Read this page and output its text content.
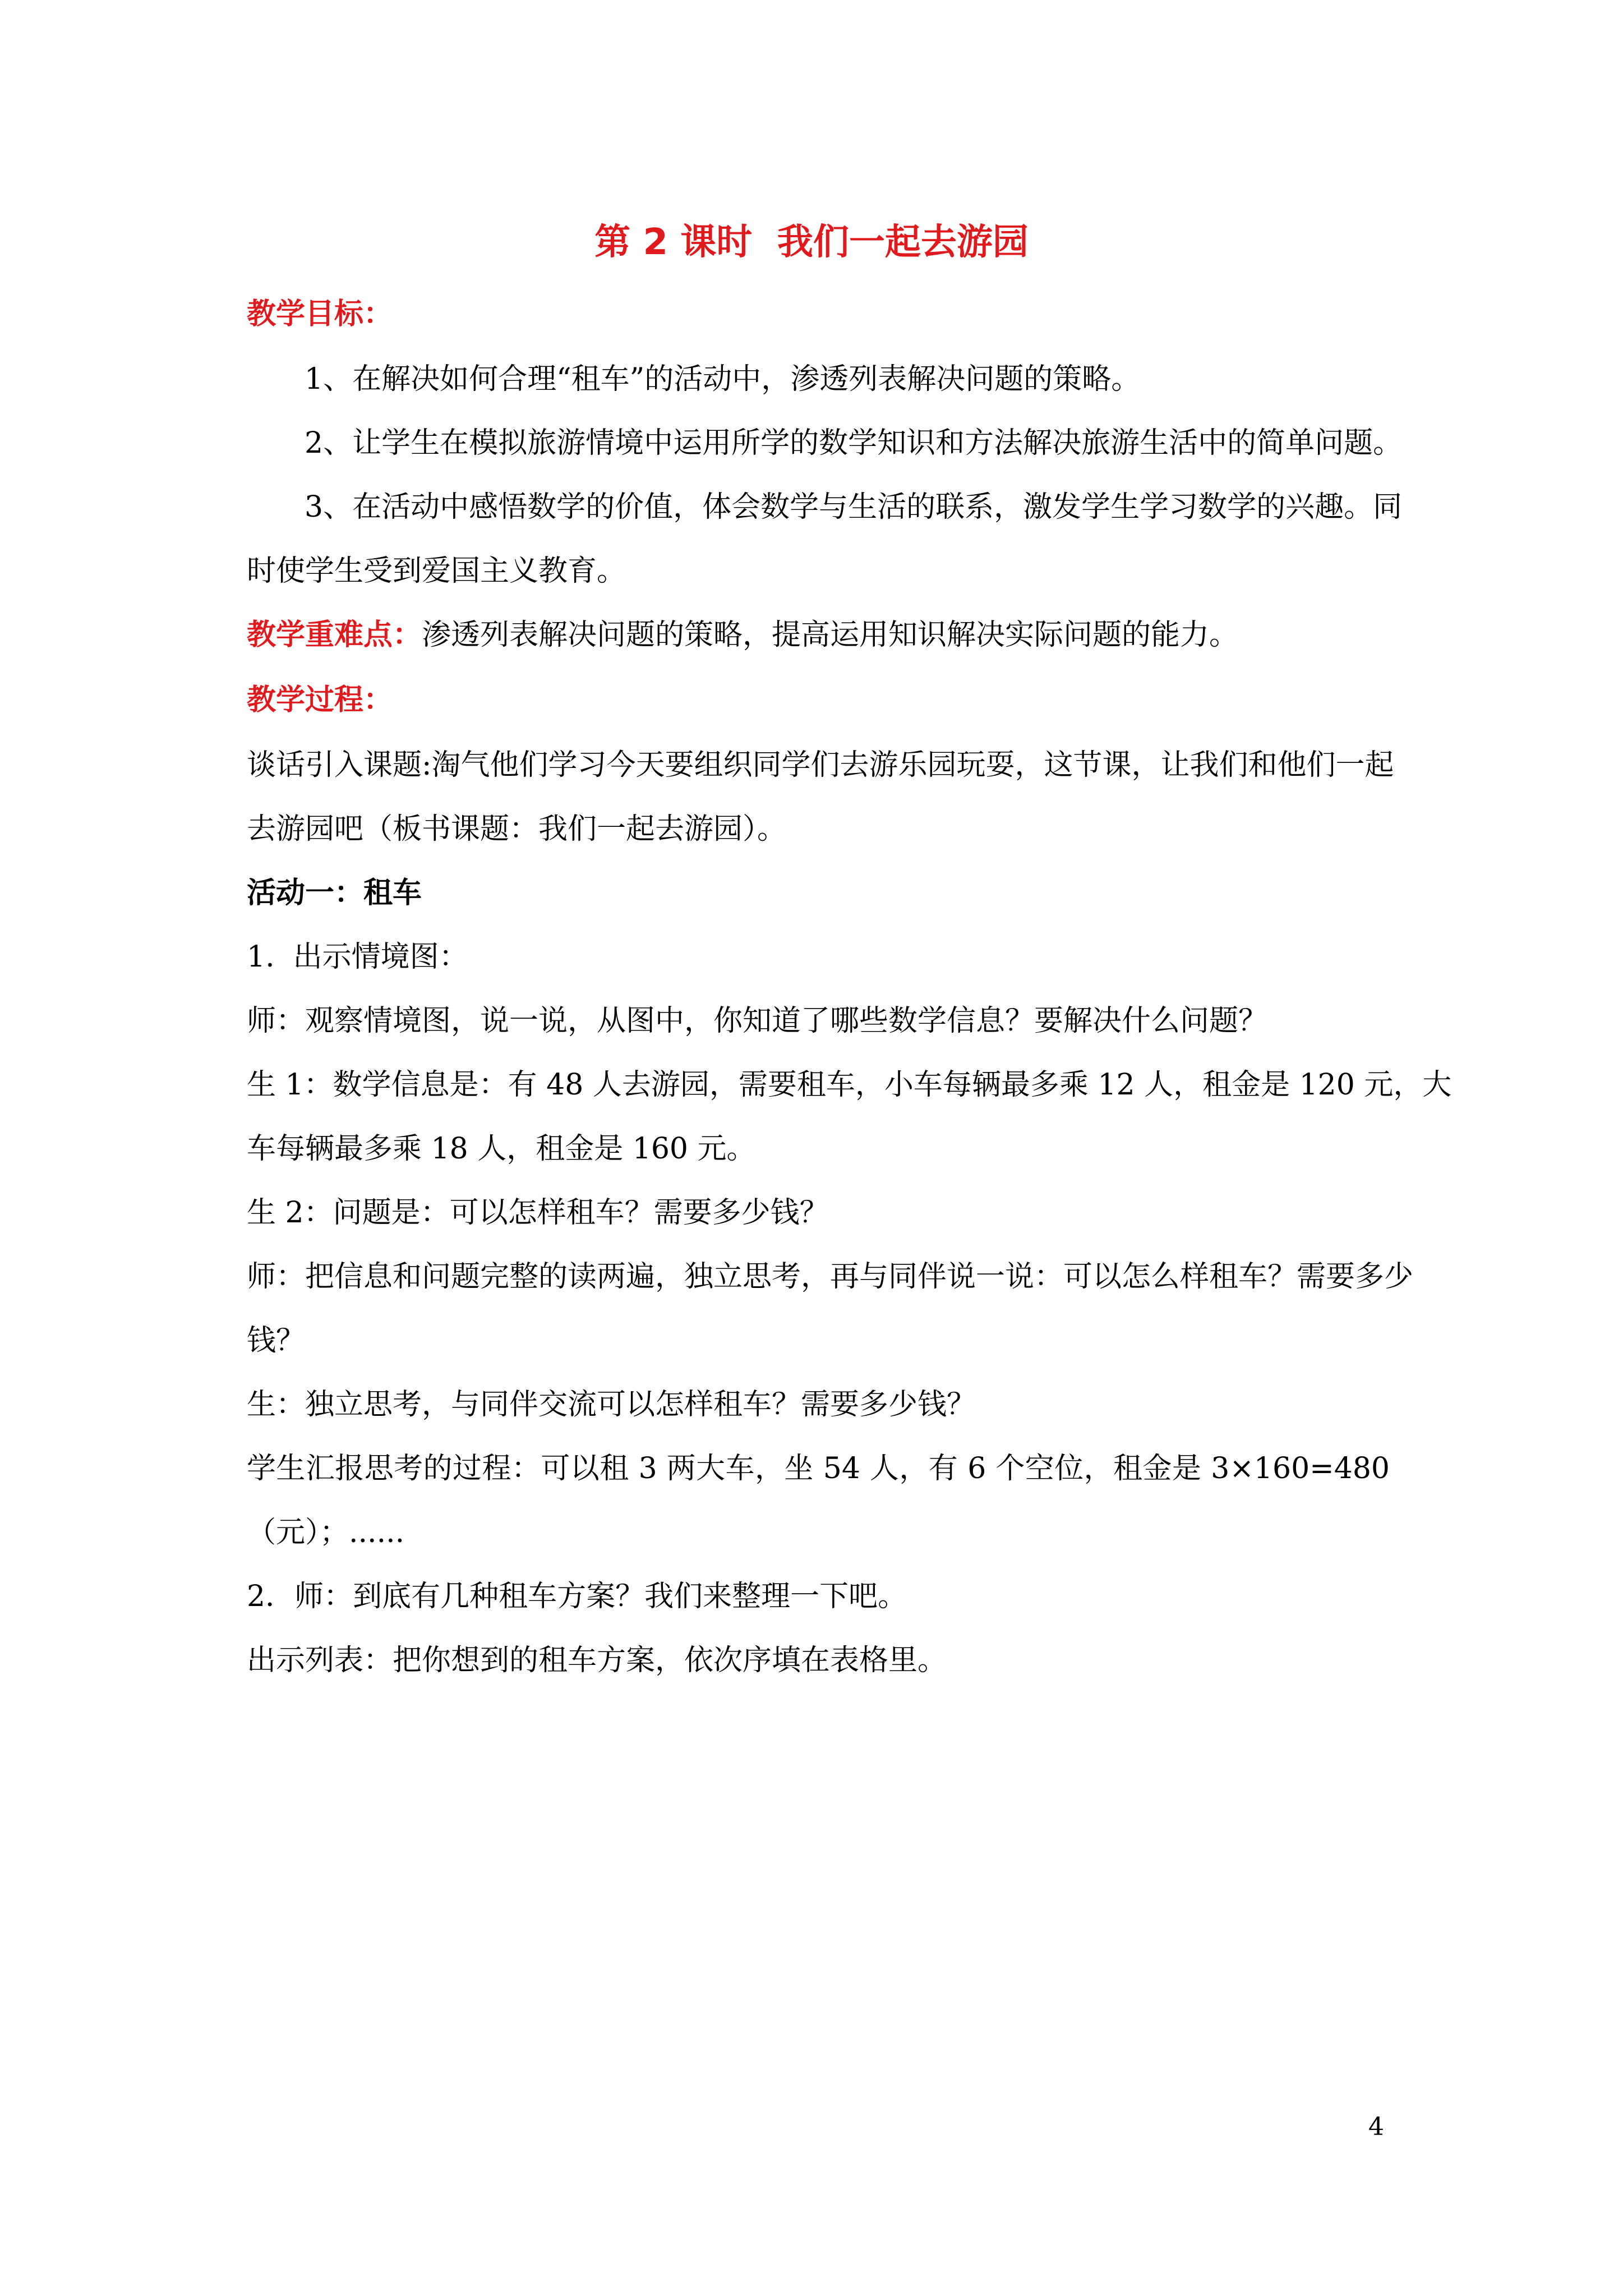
第 2 课时  我们一起去游园
教学目标：
1、在解决如何合理“租车”的活动中，渗透列表解决问题的策略。
2、让学生在模拟旅游情境中运用所学的数学知识和方法解决旅游生活中的简单问题。
3、在活动中感悟数学的价值，体会数学与生活的联系，激发学生学习数学的兴趣。同
时使学生受到爱国主义教育。
教学重难点：渗透列表解决问题的策略，提高运用知识解决实际问题的能力。
教学过程：
谈话引入课题:淘气他们学习今天要组织同学们去游乐园玩耍，这节课，让我们和他们一起
去游园吧（板书课题：我们一起去游园）。
活动一：租车
1.  出示情境图：
师：观察情境图，说一说，从图中，你知道了哪些数学信息？要解决什么问题？
生 1：数学信息是：有 48 人去游园，需要租车，小车每辆最多乘 12 人，租金是 120 元，大
车每辆最多乘 18 人，租金是 160 元。
生 2：问题是：可以怎样租车？需要多少钱？
师：把信息和问题完整的读两遍，独立思考，再与同伴说一说：可以怎么样租车？需要多少
钱？
生：独立思考，与同伴交流可以怎样租车？需要多少钱？
学生汇报思考的过程：可以租 3 两大车，坐 54 人，有 6 个空位，租金是 3×160=480
（元）；......
2．师：到底有几种租车方案？我们来整理一下吧。
出示列表：把你想到的租车方案，依次序填在表格里。
4
